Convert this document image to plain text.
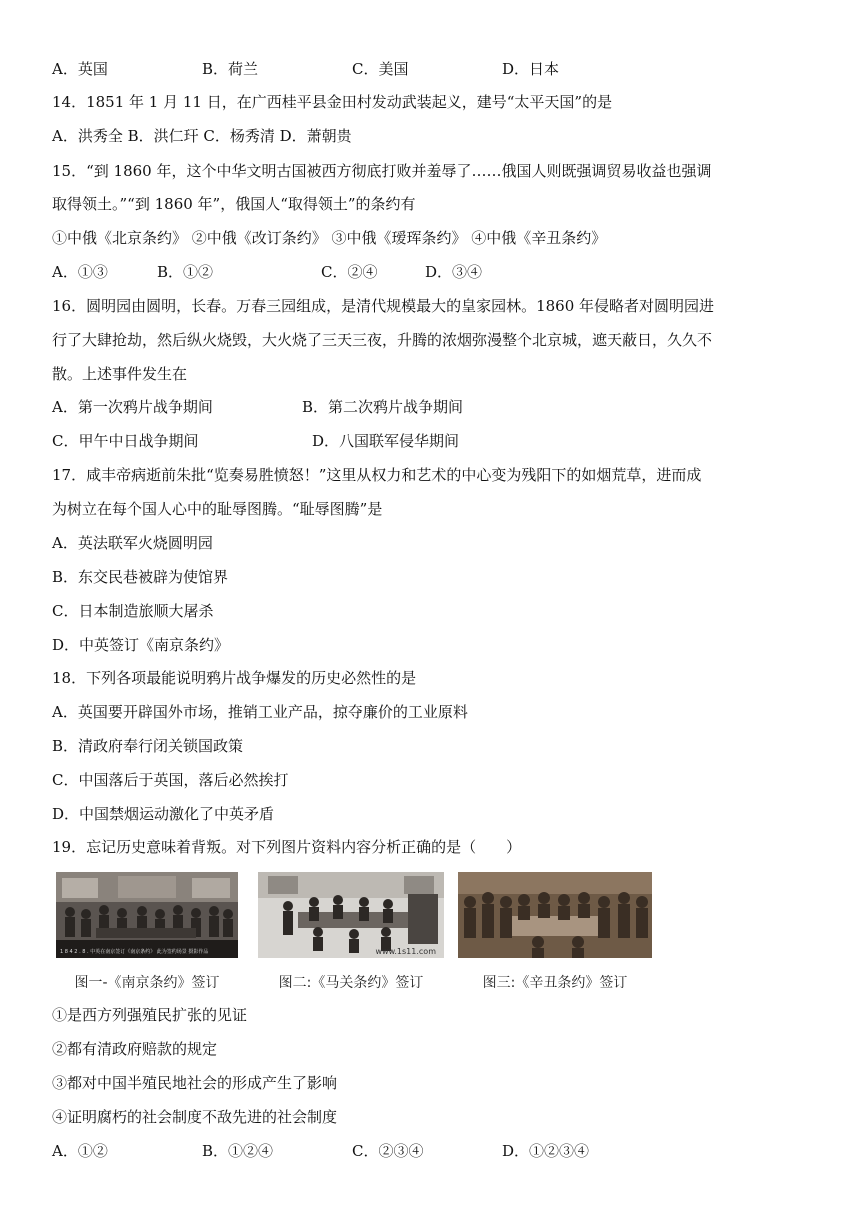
A．英国	B．荷兰	C．美国	D．日本
14．1851 年 1 月 11 日，在广西桂平县金田村发动武装起义，建号“太平天国”的是
A．洪秀全 B．洪仁玕 C．杨秀清 D．萧朝贵
15．“到 1860 年，这个中华文明古国被西方彻底打败并羞辱了……俄国人则既强调贸易收益也强调
取得领土。”“到 1860 年”，俄国人“取得领土”的条约有
①中俄《北京条约》 ②中俄《改订条约》 ③中俄《瑷珲条约》 ④中俄《辛丑条约》
A．①③	B．①②	C．②④	D．③④
16．圆明园由圆明，长春。万春三园组成，是清代规模最大的皇家园林。1860 年侵略者对圆明园进
行了大肆抢劫，然后纵火烧毁，大火烧了三天三夜，升腾的浓烟弥漫整个北京城，遮天蔽日，久久不
散。上述事件发生在
A．第一次鸦片战争期间	B．第二次鸦片战争期间
C．甲午中日战争期间	D．八国联军侵华期间
17．咸丰帝病逝前朱批“览奏易胜愤怒！”这里从权力和艺术的中心变为残阳下的如烟荒草，进而成
为树立在每个国人心中的耻辱图腾。“耻辱图腾”是
A．英法联军火烧圆明园
B．东交民巷被辟为使馆界
C．日本制造旅顺大屠杀
D．中英签订《南京条约》
18．下列各项最能说明鸦片战争爆发的历史必然性的是
A．英国要开辟国外市场，推销工业产品，掠夺廉价的工业原料
B．清政府奉行闭关锁国政策
C．中国落后于英国，落后必然挨打
D．中国禁烟运动激化了中英矛盾
19．忘记历史意味着背叛。对下列图片资料内容分析正确的是（　　）
1 8 4 2 . 8 . 中英在南京签订《南京条约》 此为签约场景 摄影作品
图一-《南京条约》签订
www.1s11.com
图二:《马关条约》签订	图三:《辛丑条约》签订
①是西方列强殖民扩张的见证
②都有清政府赔款的规定
③都对中国半殖民地社会的形成产生了影响
④证明腐朽的社会制度不敌先进的社会制度
A．①②	B．①②④	C．②③④	D．①②③④
